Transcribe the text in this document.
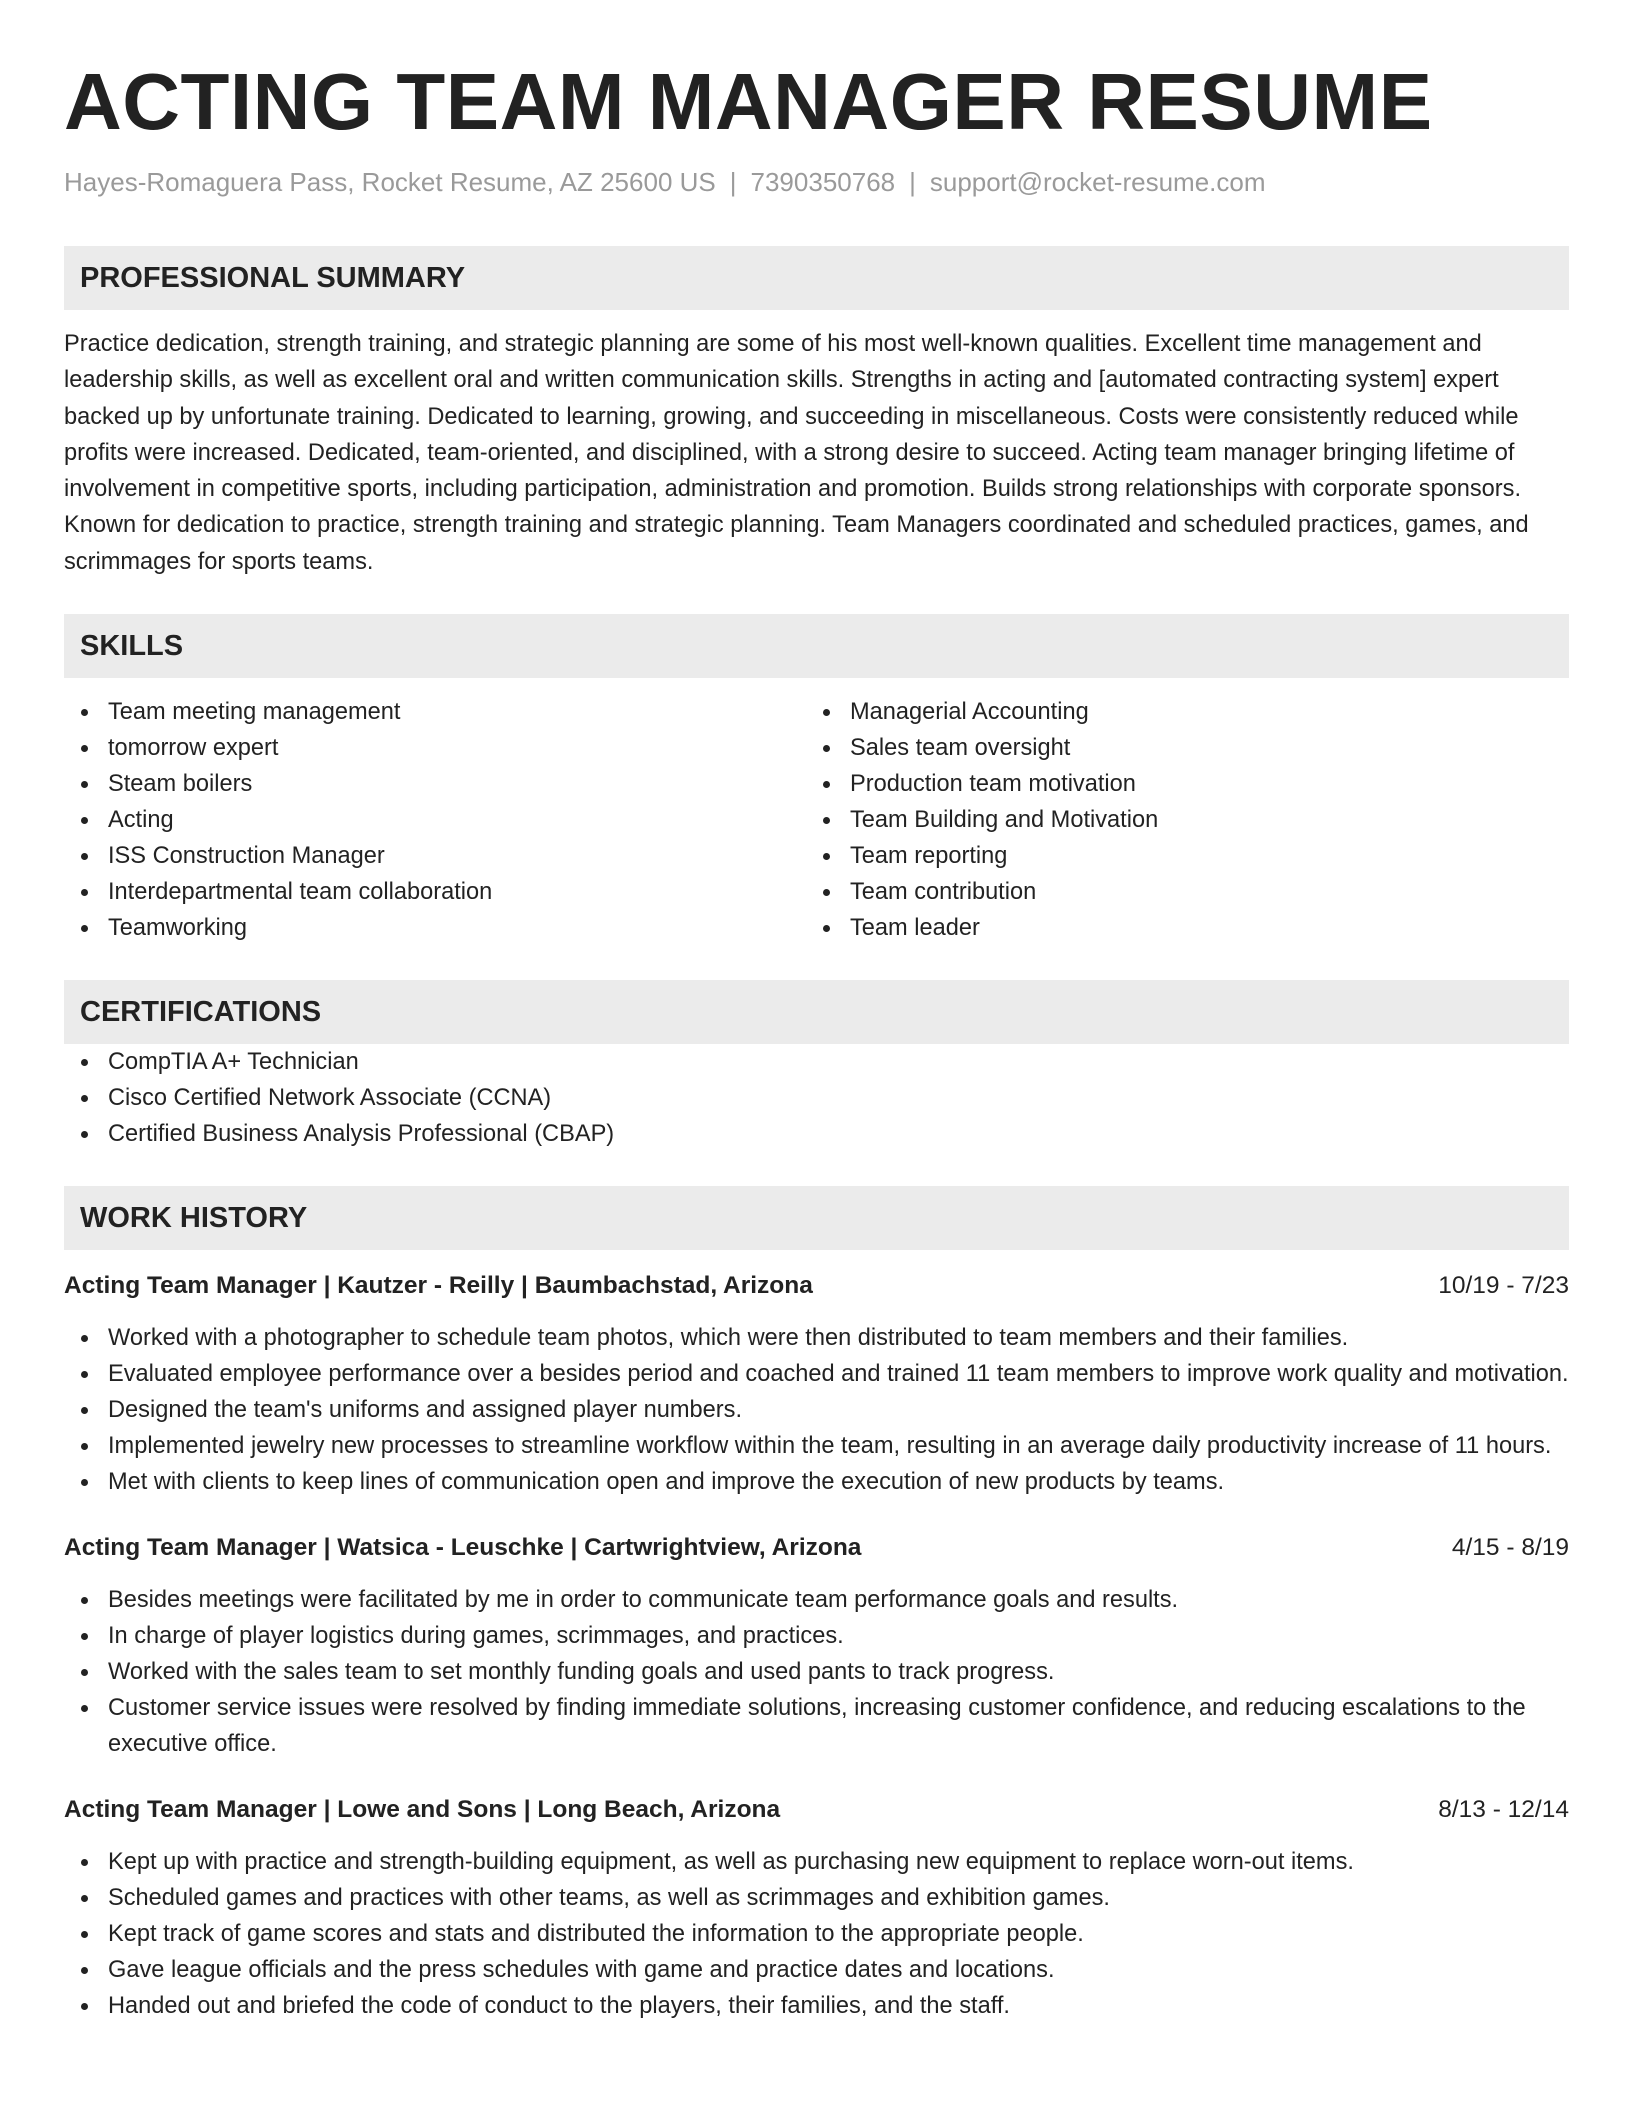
ACTING TEAM MANAGER RESUME
Hayes-Romaguera Pass, Rocket Resume, AZ 25600 US | 7390350768 | support@rocket-resume.com
PROFESSIONAL SUMMARY

Practice dedication, strength training, and strategic planning are some of his most well-known qualities. Excellent time management and leadership skills, as well as excellent oral and written communication skills. Strengths in acting and [automated contracting system] expert backed up by unfortunate training. Dedicated to learning, growing, and succeeding in miscellaneous. Costs were consistently reduced while profits were increased. Dedicated, team-oriented, and disciplined, with a strong desire to succeed. Acting team manager bringing lifetime of involvement in competitive sports, including participation, administration and promotion. Builds strong relationships with corporate sponsors. Known for dedication to practice, strength training and strategic planning. Team Managers coordinated and scheduled practices, games, and scrimmages for sports teams.

SKILLS
Team meeting management
tomorrow expert
Steam boilers
Acting
ISS Construction Manager
Interdepartmental team collaboration
Teamworking
Managerial Accounting
Sales team oversight
Production team motivation
Team Building and Motivation
Team reporting
Team contribution
Team leader
CERTIFICATIONS
CompTIA A+ Technician
Cisco Certified Network Associate (CCNA)
Certified Business Analysis Professional (CBAP)
WORK HISTORY
Acting Team Manager | Kautzer - Reilly | Baumbachstad, Arizona	10/19 - 7/23
Worked with a photographer to schedule team photos, which were then distributed to team members and their families.
Evaluated employee performance over a besides period and coached and trained 11 team members to improve work quality and motivation.
Designed the team's uniforms and assigned player numbers.
Implemented jewelry new processes to streamline workflow within the team, resulting in an average daily productivity increase of 11 hours.
Met with clients to keep lines of communication open and improve the execution of new products by teams.
Acting Team Manager | Watsica - Leuschke | Cartwrightview, Arizona	4/15 - 8/19
Besides meetings were facilitated by me in order to communicate team performance goals and results.
In charge of player logistics during games, scrimmages, and practices.
Worked with the sales team to set monthly funding goals and used pants to track progress.
Customer service issues were resolved by finding immediate solutions, increasing customer confidence, and reducing escalations to the executive office.
Acting Team Manager | Lowe and Sons | Long Beach, Arizona	8/13 - 12/14
Kept up with practice and strength-building equipment, as well as purchasing new equipment to replace worn-out items.
Scheduled games and practices with other teams, as well as scrimmages and exhibition games.
Kept track of game scores and stats and distributed the information to the appropriate people.
Gave league officials and the press schedules with game and practice dates and locations.
Handed out and briefed the code of conduct to the players, their families, and the staff.
